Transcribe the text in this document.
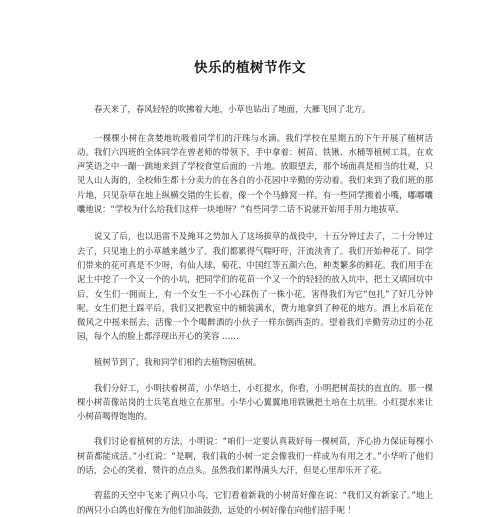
快乐的植树节作文

春天来了，春风轻轻的吹拂着大地，小草也钻出了地面，大雁飞回了北方。

一棵棵小树在贪婪地吮吸着同学们的汗珠与水滴。我们学校在星期五的下午开展了植树活动。我们六四班的全体同学在曾老师的带领下，手中拿着：树苗、铁锹、水桶等植树工具，在欢声笑语之中一蹦一跳地来到了学校食堂后面的一片地。放眼望去，那个场面真是相当的壮观，只见人山人海的，全校师生都十分卖力的在各自的小花园中辛勤的劳动着。我们来到了我们班的那片地，只见杂草在地上纵横交错的生长着，像一个个马蜂窝一样。有一些同学搬着小嘴，嘟嘟囔囔地说：“学校为什么给我们这样一块地呀？”有些同学二话不说就开始用手用力地拔草。

说又了后，也以迅雷不及掩耳之势加入了这场拔草的战役中，十五分钟过去了，二十分钟过去了，只见地上的小草越来越少了。我们都累得气喘吁吁，汗流浃背了。我们开始种花了。同学们带来的花可真是不少呀，有仙人球、菊花、中国红等五颜六色，种类繁多的鲜花。我们用手在泥土中挖了一个又一个的小坑，把同学们的花苗一个又一个的轻轻的放入坑中，把土又填回坑中后，女生们一拥而上，有一个女生一不小心踩伤了一株小花，害得我们为它“包扎”了好几分钟呢。女生们把土踩平后，我们又把教室中的桶装满水，费力地拿到了种花的地方。洒上水后花在微风之中摇来摇去，活像一个个喝醉酒的小伙子一样东倒西歪的。望着我们辛勤劳动过的小花园，每个人的脸上都浮现出开心的笑容 ……

植树节到了，我和同学们相约去植物园植树。

我们分好工，小明扶着树苗，小华培土，小红提水，你看，小明把树苗扶的直直的。那一棵棵小树苗像站岗的士兵笔直地立在那里。小华小心翼翼地用铁锹把土培在土坑里。小红提水来让小树苗喝得饱饱的。

我们讨论着植树的方法，小明说：“咱们一定要认真栽好每一棵树苗，齐心协力保证每棵小树苗都能成活。”小红说：“是啊，我们栽的小树一定会像我们一样成为有用之才。”小华听了他们的话，会心的笑着，赞许的点点头。虽然我们累得满头大汗，但是心里却乐开了花。

碧蓝的天空中飞来了两只小鸟，它们看着新栽的小树苗好像在说：“我们又有新家了。”地上的两只小白鸽也好像在为他们加油鼓劲，远处的小树好像在向他们招手呢 ！
